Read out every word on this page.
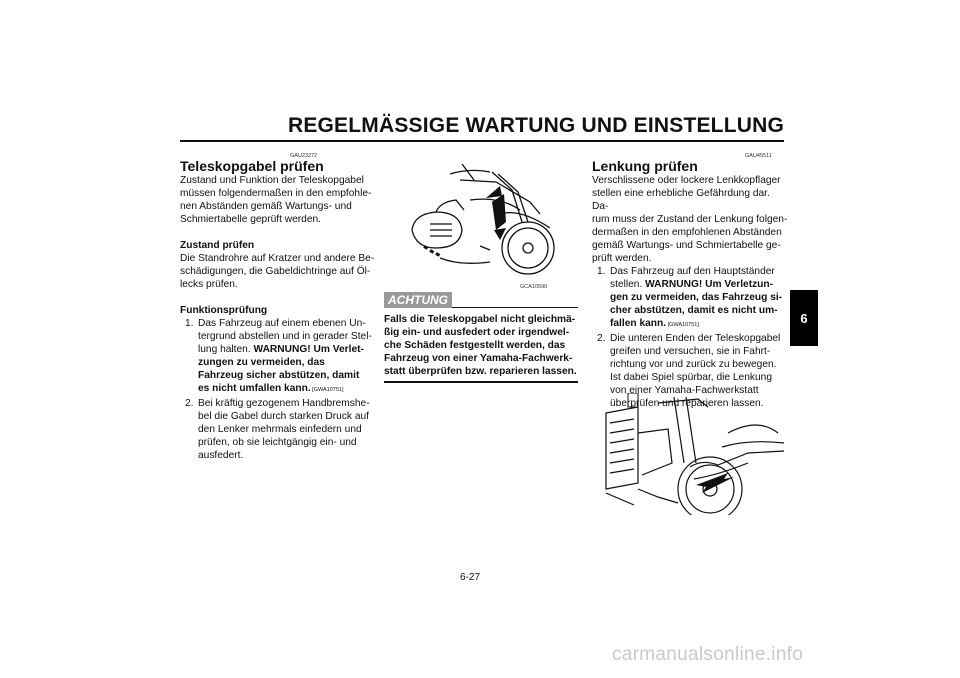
REGELMÄSSIGE WARTUNG UND EINSTELLUNG
GAU23272

Teleskopgabel prüfen

Zustand und Funktion der Teleskopgabel

müssen folgendermaßen in den empfohle-

nen Abständen gemäß Wartungs- und

Schmiertabelle geprüft werden.

Zustand prüfen

Die Standrohre auf Kratzer und andere Be-

schädigungen, die Gabeldichtringe auf Öl-

lecks prüfen.

Funktionsprüfung

1. Das Fahrzeug auf einem ebenen Un-

tergrund abstellen und in gerader Stel-

lung halten. WARNUNG! Um Verlet-

zungen zu vermeiden, das

Fahrzeug sicher abstützen, damit

es nicht umfallen kann. [GWA10751]

2. Bei kräftig gezogenem Handbremshe-

bel die Gabel durch starken Druck auf

den Lenker mehrmals einfedern und

prüfen, ob sie leichtgängig ein- und

ausfedert.

GCA10590
ACHTUNG

Falls die Teleskopgabel nicht gleichmä-

ßig ein- und ausfedert oder irgendwel-

che Schäden festgestellt werden, das

Fahrzeug von einer Yamaha-Fachwerk-

statt überprüfen bzw. reparieren lassen.

GAU45511

Lenkung prüfen

Verschlissene oder lockere Lenkkopflager

stellen eine erhebliche Gefährdung dar. Da-

rum muss der Zustand der Lenkung folgen-

dermaßen in den empfohlenen Abständen

gemäß Wartungs- und Schmiertabelle ge-

prüft werden.

1. Das Fahrzeug auf den Hauptständer

stellen. WARNUNG! Um Verletzun-

gen zu vermeiden, das Fahrzeug si-

cher abstützen, damit es nicht um-

fallen kann. [GWA10751]

2. Die unteren Enden der Teleskopgabel

greifen und versuchen, sie in Fahrt-

richtung vor und zurück zu bewegen.

Ist dabei Spiel spürbar, die Lenkung

von einer Yamaha-Fachwerkstatt

überprüfen und reparieren lassen.

6
6-27
carmanualsonline.info
